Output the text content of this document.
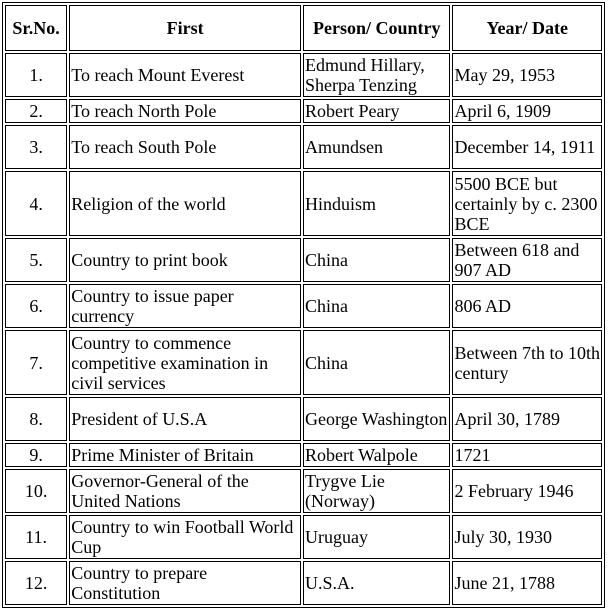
Sr.No.	First	Person/ Country	Year/ Date
1.	To reach Mount Everest	Edmund Hillary, Sherpa Tenzing	May 29, 1953
2.	To reach North Pole	Robert Peary	April 6, 1909
3.	To reach South Pole	Amundsen	December 14, 1911
4.	Religion of the world	Hinduism	5500 BCE but certainly by c. 2300 BCE
5.	Country to print book	China	Between 618 and 907 AD
6.	Country to issue paper currency	China	806 AD
7.	Country to commence competitive examination in civil services	China	Between 7th to 10th century
8.	President of U.S.A	George Washington	April 30, 1789
9.	Prime Minister of Britain	Robert Walpole	1721
10.	Governor-General of the United Nations	Trygve Lie (Norway)	2 February 1946
11.	Country to win Football World Cup	Uruguay	July 30, 1930
12.	Country to prepare Constitution	U.S.A.	June 21, 1788
